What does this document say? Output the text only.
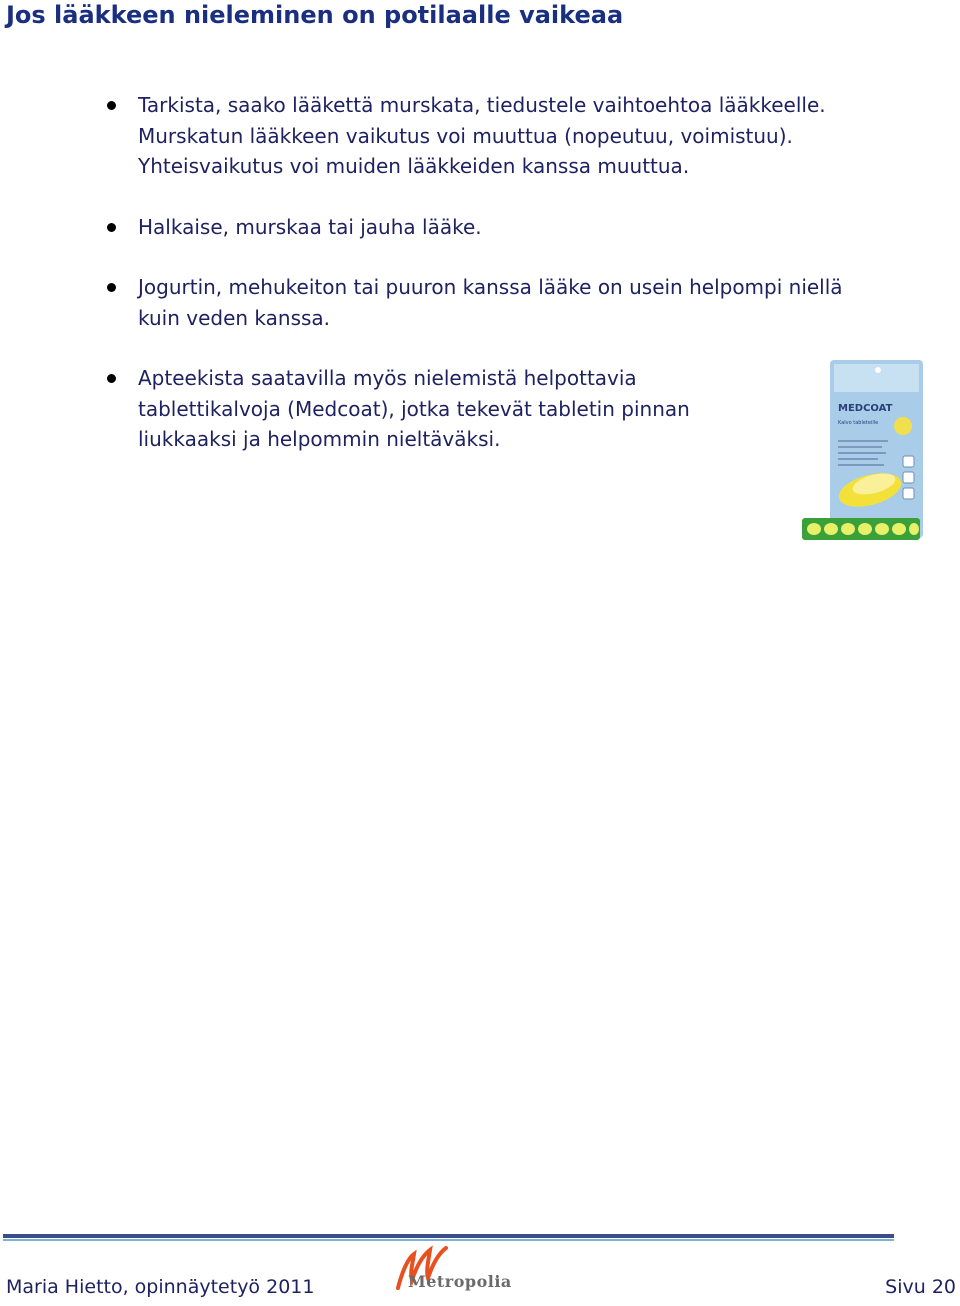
Jos lääkkeen nieleminen on potilaalle vaikeaa
Tarkista, saako lääkettä murskata, tiedustele vaihtoehtoa lääkkeelle. Murskatun lääkkeen vaikutus voi muuttua (nopeutuu, voimistuu). Yhteisvaikutus voi muiden lääkkeiden kanssa muuttua.
Halkaise, murskaa tai jauha lääke.
Jogurtin, mehukeiton tai puuron kanssa lääke on usein helpompi niellä kuin veden kanssa.
Apteekista saatavilla myös nielemistä helpottavia tablettikalvoja (Medcoat), jotka tekevät tabletin pinnan liukkaaksi ja helpommin nieltäväksi.
MEDCOAT
Kalvo tableteille
Maria Hietto, opinnäytetyö 2011	Metropolia	Sivu 20
